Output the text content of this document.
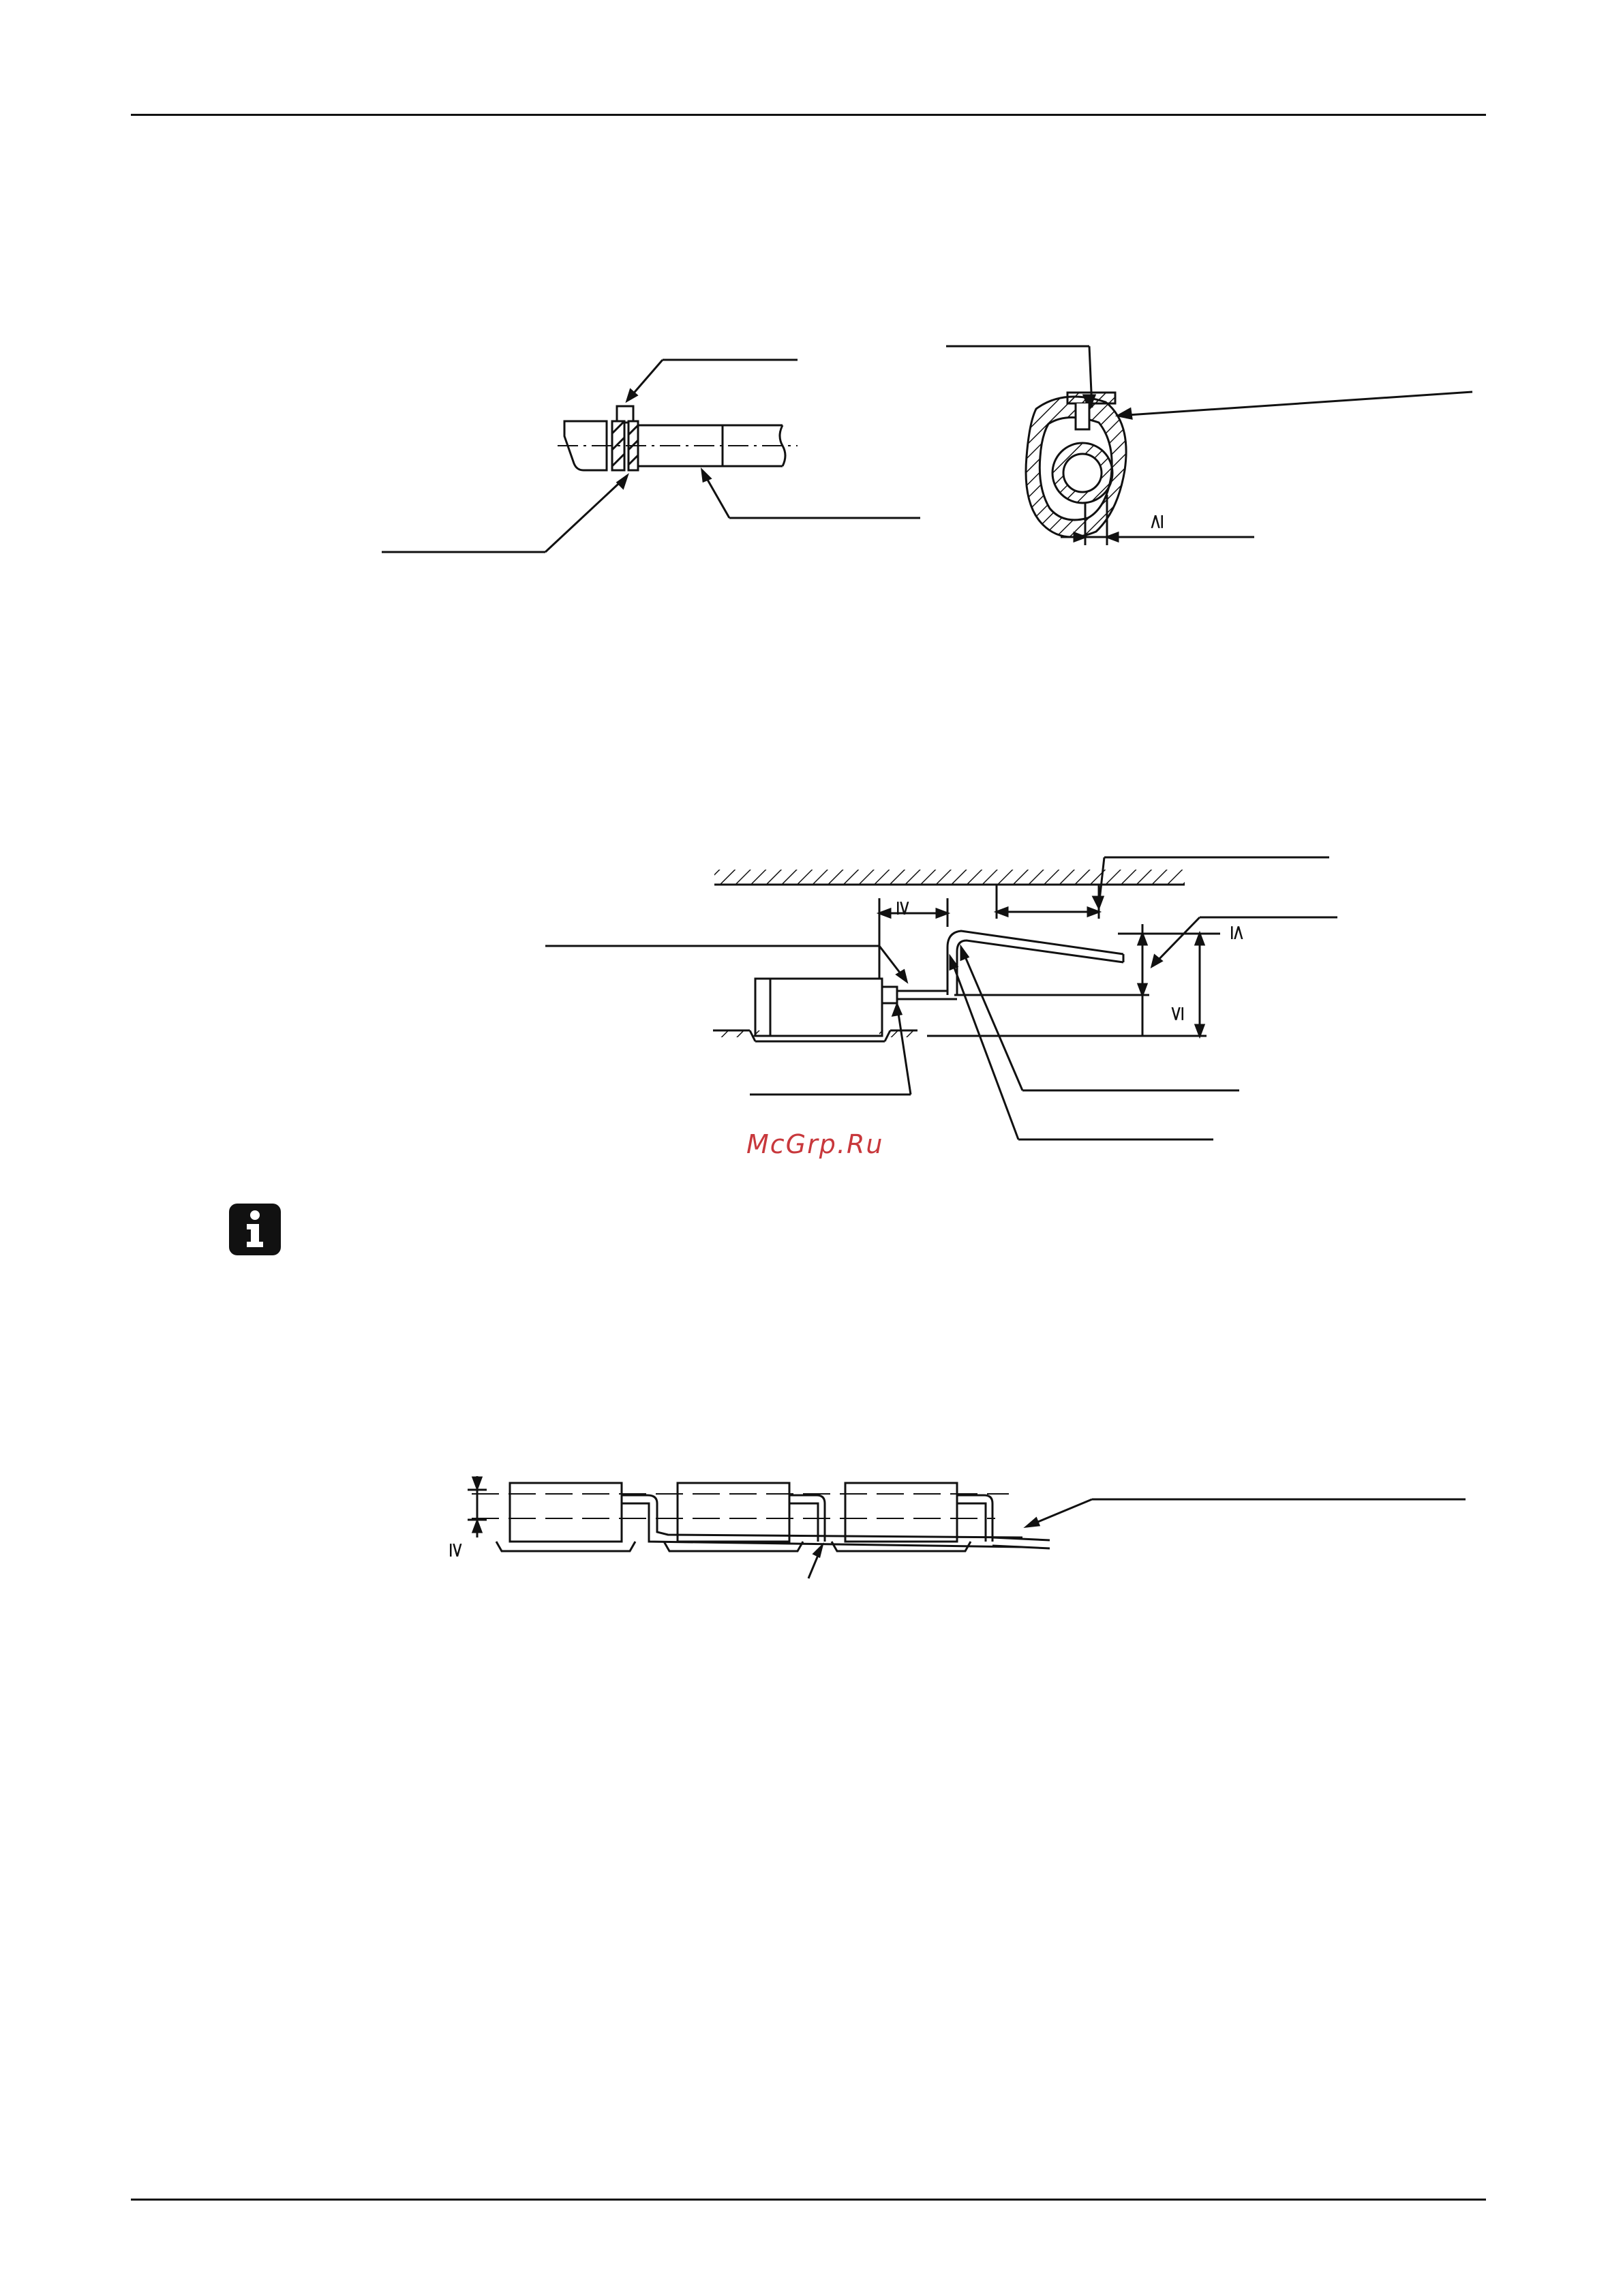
≥
≥
≤
≤
McGrp.Ru
≥
